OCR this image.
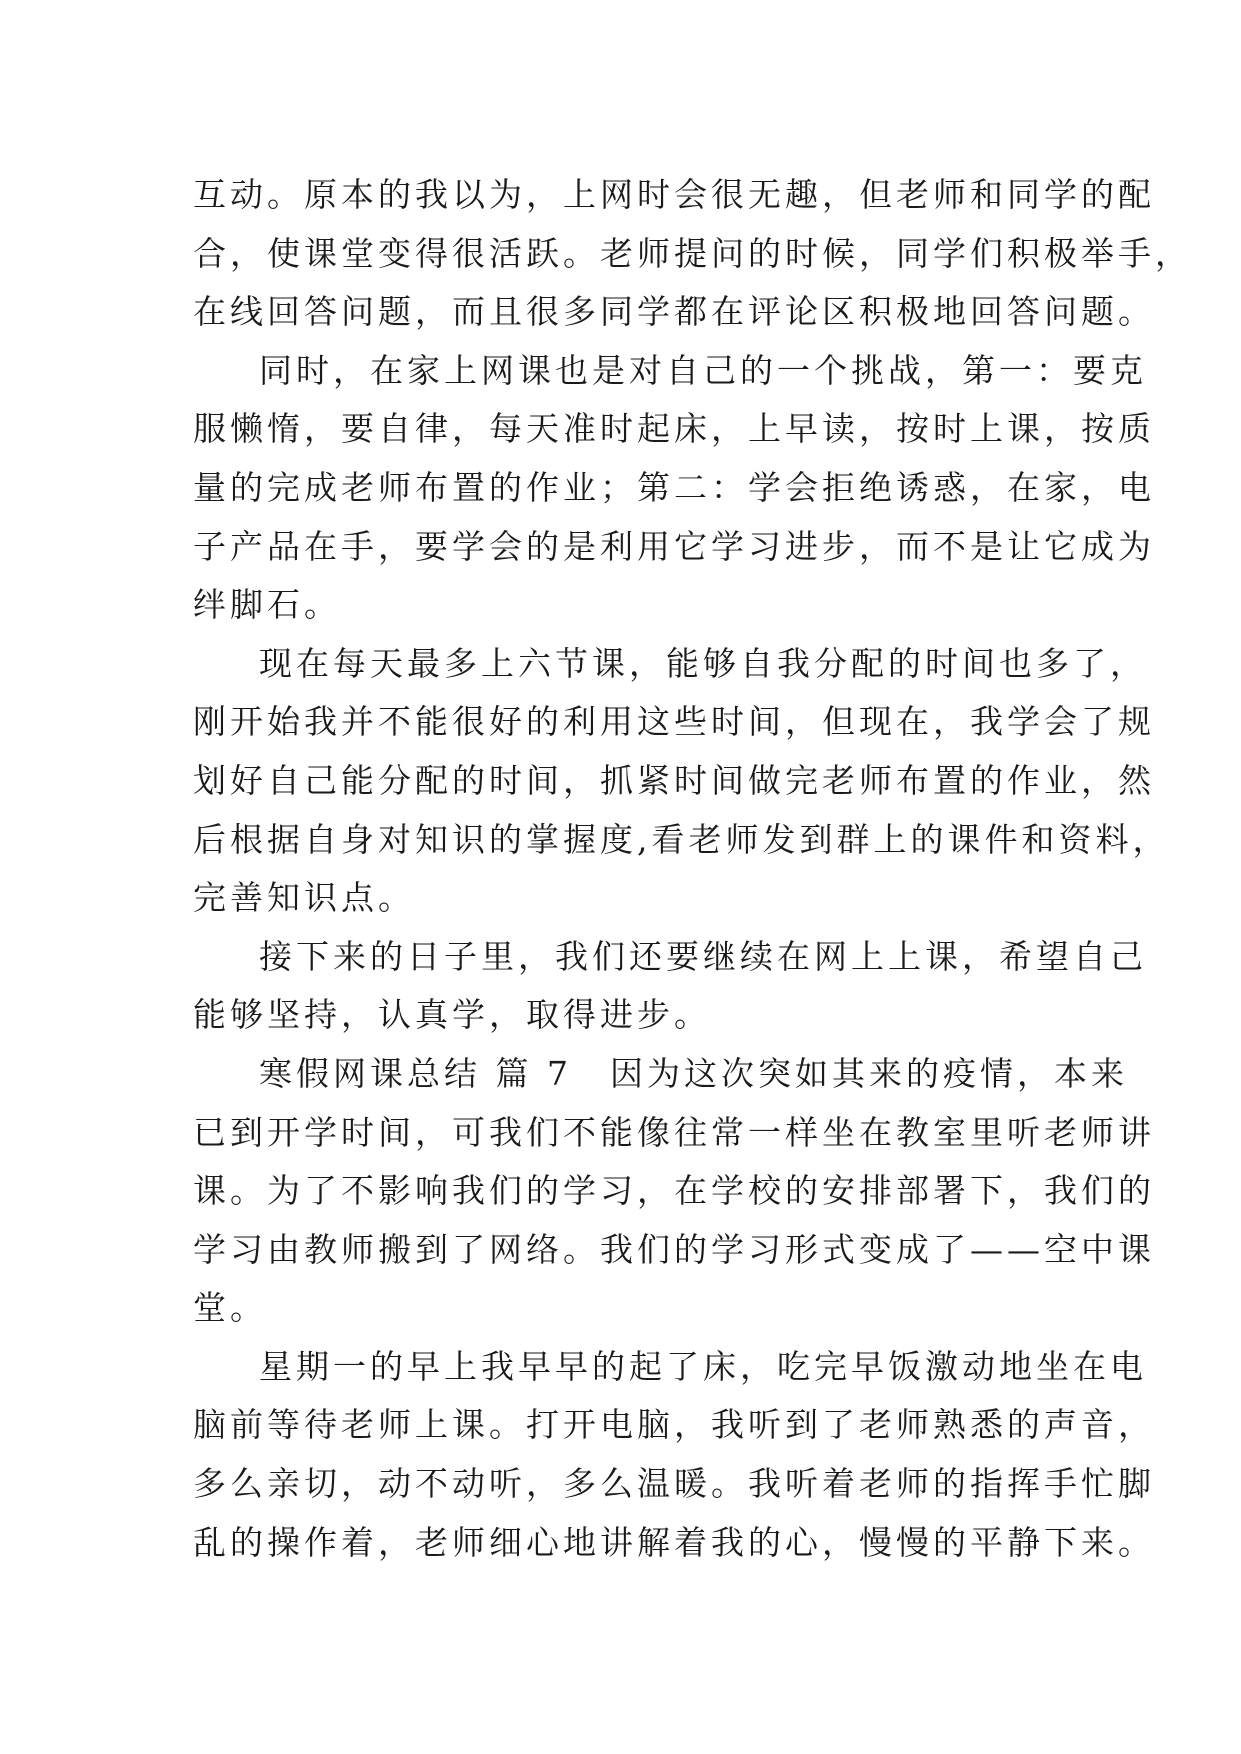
互动。原本的我以为，上网时会很无趣，但老师和同学的配
合，使课堂变得很活跃。老师提问的时候，同学们积极举手，
在线回答问题，而且很多同学都在评论区积极地回答问题。
同时，在家上网课也是对自己的一个挑战，第一：要克
服懒惰，要自律，每天准时起床，上早读，按时上课，按质
量的完成老师布置的作业；第二：学会拒绝诱惑，在家，电
子产品在手，要学会的是利用它学习进步，而不是让它成为
绊脚石。
现在每天最多上六节课，能够自我分配的时间也多了，
刚开始我并不能很好的利用这些时间，但现在，我学会了规
划好自己能分配的时间，抓紧时间做完老师布置的作业，然
后根据自身对知识的掌握度,看老师发到群上的课件和资料，
完善知识点。
接下来的日子里，我们还要继续在网上上课，希望自己
能够坚持，认真学，取得进步。
寒假网课总结 篇 7 因为这次突如其来的疫情，本来
已到开学时间，可我们不能像往常一样坐在教室里听老师讲
课。为了不影响我们的学习，在学校的安排部署下，我们的
学习由教师搬到了网络。我们的学习形式变成了——空中课
堂。
星期一的早上我早早的起了床，吃完早饭激动地坐在电
脑前等待老师上课。打开电脑，我听到了老师熟悉的声音，
多么亲切，动不动听，多么温暖。我听着老师的指挥手忙脚
乱的操作着，老师细心地讲解着我的心，慢慢的平静下来。
